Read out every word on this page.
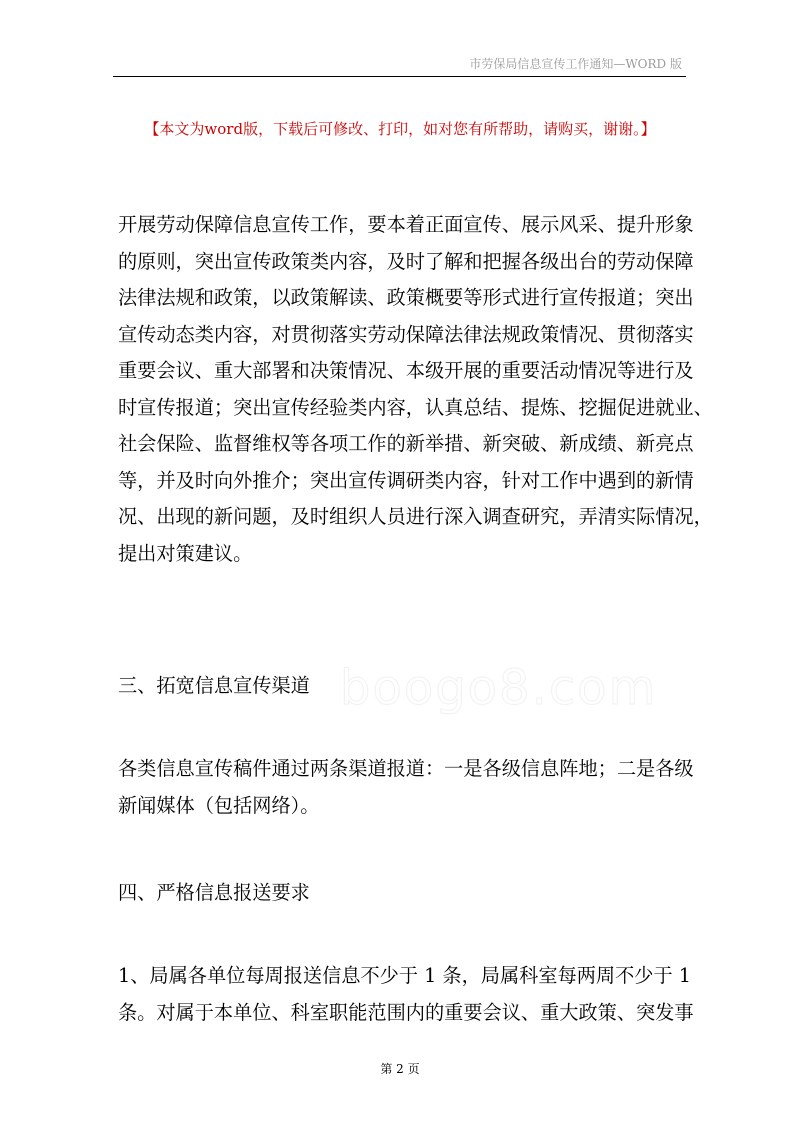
市劳保局信息宣传工作通知—WORD 版
【本文为word版，下载后可修改、打印，如对您有所帮助，请购买，谢谢。】
boogo8.com
开展劳动保障信息宣传工作，要本着正面宣传、展示风采、提升形象
的原则，突出宣传政策类内容，及时了解和把握各级出台的劳动保障
法律法规和政策，以政策解读、政策概要等形式进行宣传报道；突出
宣传动态类内容，对贯彻落实劳动保障法律法规政策情况、贯彻落实
重要会议、重大部署和决策情况、本级开展的重要活动情况等进行及
时宣传报道；突出宣传经验类内容，认真总结、提炼、挖掘促进就业、
社会保险、监督维权等各项工作的新举措、新突破、新成绩、新亮点
等，并及时向外推介；突出宣传调研类内容，针对工作中遇到的新情
况、出现的新问题，及时组织人员进行深入调查研究，弄清实际情况，
提出对策建议。
三、拓宽信息宣传渠道
各类信息宣传稿件通过两条渠道报道：一是各级信息阵地；二是各级
新闻媒体（包括网络）。
四、严格信息报送要求
1、局属各单位每周报送信息不少于 1 条，局属科室每两周不少于 1
条。对属于本单位、科室职能范围内的重要会议、重大政策、突发事
第 2 页
